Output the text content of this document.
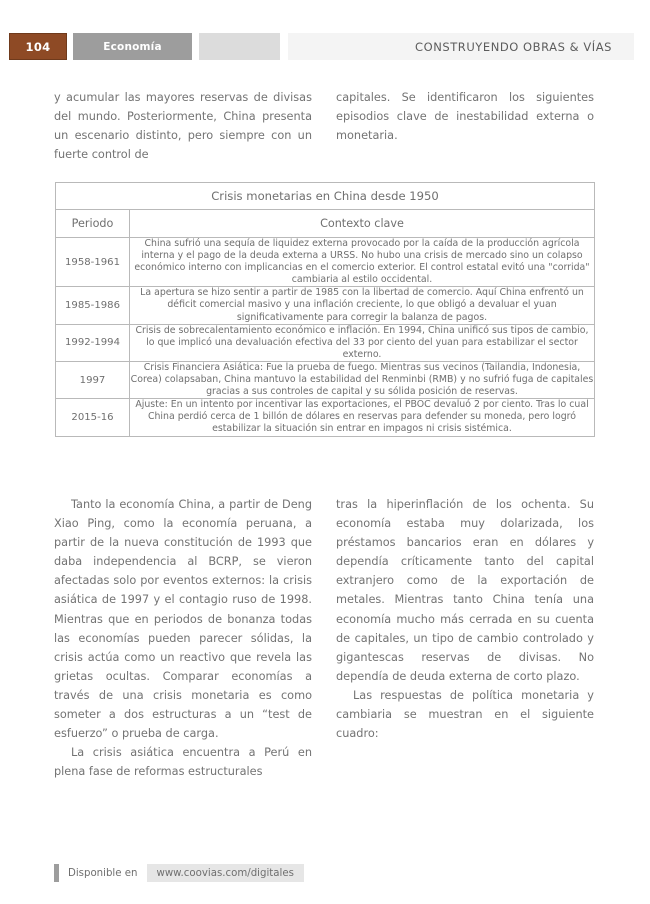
104	Economía	CONSTRUYENDO OBRAS & VÍAS

y acumular las mayores reservas de divisas del mundo. Posteriormente, China presenta un escenario distinto, pero siempre con un fuerte control de

capitales. Se identificaron los siguientes episodios clave de inestabilidad externa o monetaria.

Crisis monetarias en China desde 1950	
Periodo	Contexto clave
1958-1961	China sufrió una sequía de liquidez externa provocado por la caída de la producción agrícola interna y el pago de la deuda externa a URSS. No hubo una crisis de mercado sino un colapso económico interno con implicancias en el comercio exterior. El control estatal evitó una "corrida" cambiaria al estilo occidental.
1985-1986	La apertura se hizo sentir a partir de 1985 con la libertad de comercio. Aquí China enfrentó un déficit comercial masivo y una inflación creciente, lo que obligó a devaluar el yuan significativamente para corregir la balanza de pagos.
1992-1994	Crisis de sobrecalentamiento económico e inflación. En 1994, China unificó sus tipos de cambio, lo que implicó una devaluación efectiva del 33 por ciento del yuan para estabilizar el sector externo.
1997	Crisis Financiera Asiática: Fue la prueba de fuego. Mientras sus vecinos (Tailandia, Indonesia, Corea) colapsaban, China mantuvo la estabilidad del Renminbi (RMB) y no sufrió fuga de capitales gracias a sus controles de capital y su sólida posición de reservas.
2015-16	Ajuste: En un intento por incentivar las exportaciones, el PBOC devaluó 2 por ciento. Tras lo cual China perdió cerca de 1 billón de dólares en reservas para defender su moneda, pero logró estabilizar la situación sin entrar en impagos ni crisis sistémica.

Tanto la economía China, a partir de Deng Xiao Ping, como la economía peruana, a partir de la nueva constitución de 1993 que daba independencia al BCRP, se vieron afectadas solo por eventos externos: la crisis asiática de 1997 y el contagio ruso de 1998. Mientras que en periodos de bonanza todas las economías pueden parecer sólidas, la crisis actúa como un reactivo que revela las grietas ocultas. Comparar economías a través de una crisis monetaria es como someter a dos estructuras a un “test de esfuerzo” o prueba de carga.

La crisis asiática encuentra a Perú en plena fase de reformas estructurales

tras la hiperinflación de los ochenta. Su economía estaba muy dolarizada, los préstamos bancarios eran en dólares y dependía críticamente tanto del capital extranjero como de la exportación de metales. Mientras tanto China tenía una economía mucho más cerrada en su cuenta de capitales, un tipo de cambio controlado y gigantescas reservas de divisas. No dependía de deuda externa de corto plazo.

Las respuestas de política monetaria y cambiaria se muestran en el siguiente cuadro:

Disponible en	www.coovias.com/digitales
